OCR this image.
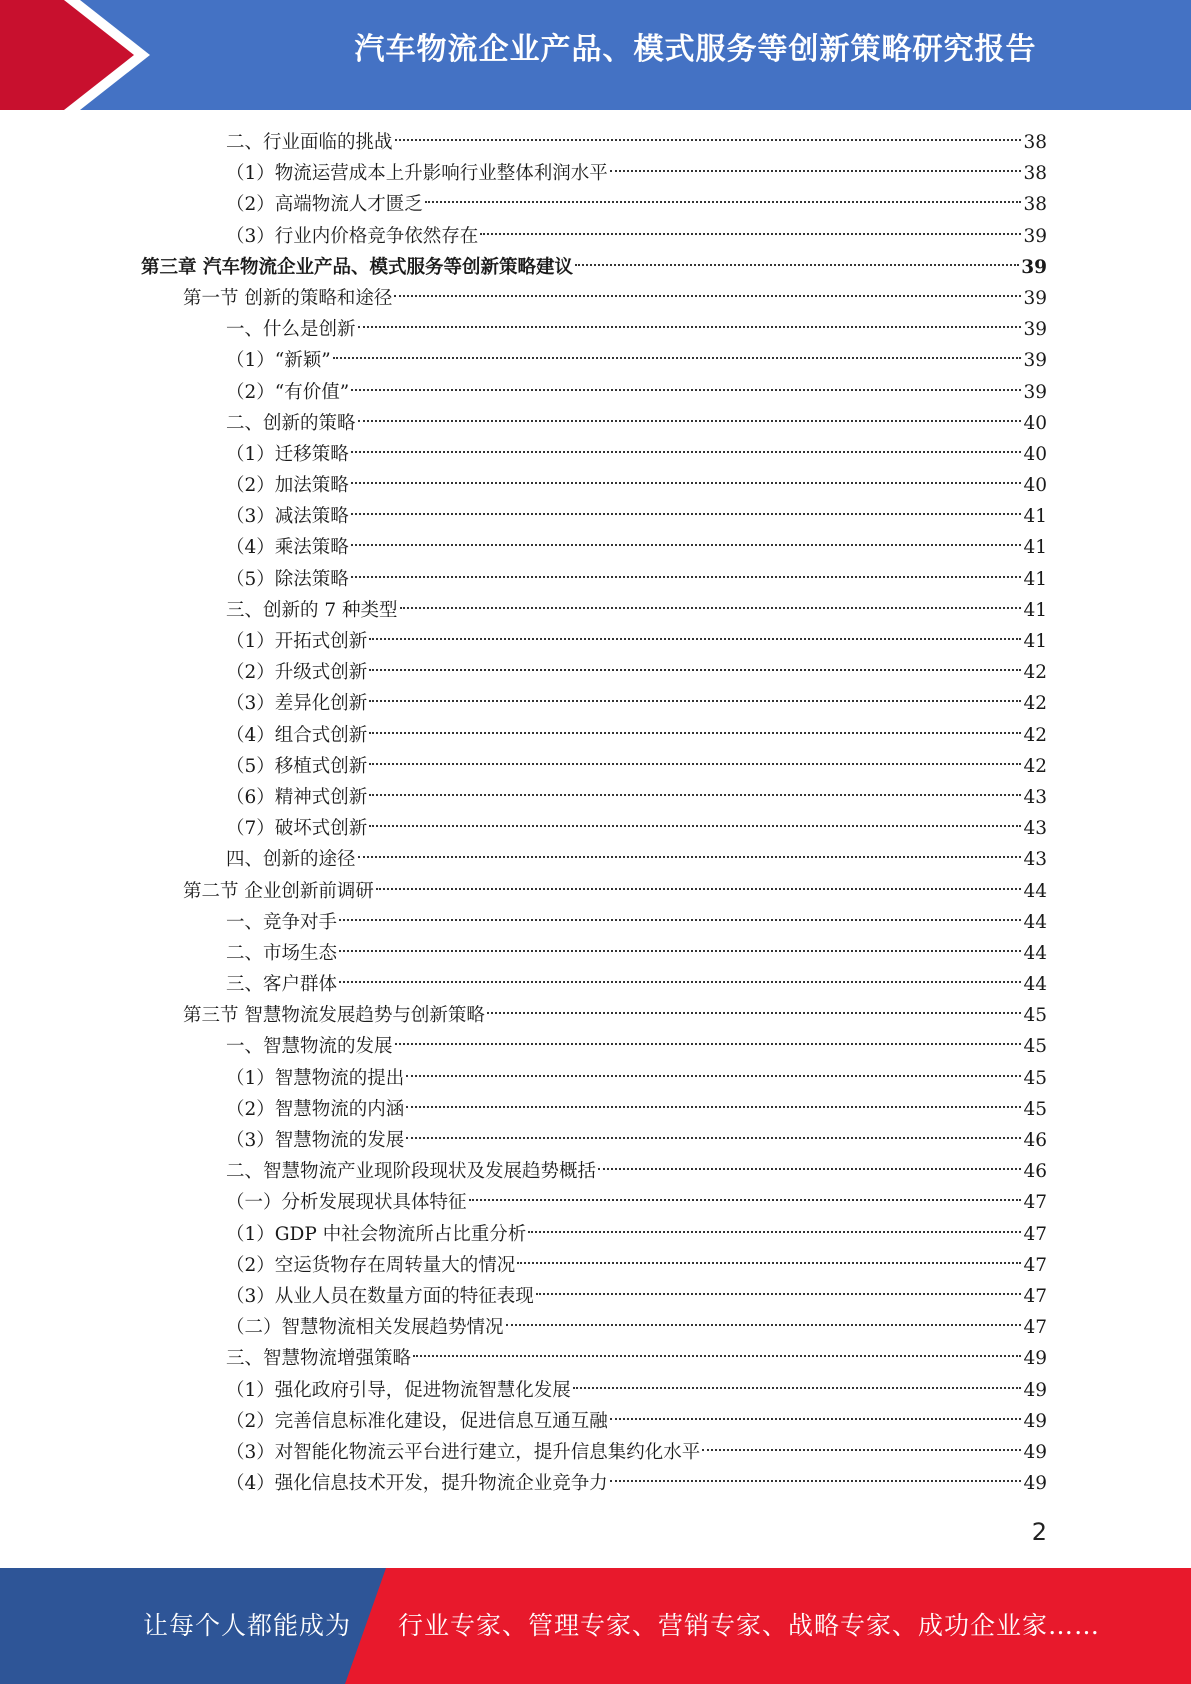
汽车物流企业产品、模式服务等创新策略研究报告
二、行业面临的挑战	38
（1）物流运营成本上升影响行业整体利润水平	38
（2）高端物流人才匮乏	38
（3）行业内价格竞争依然存在	39
第三章 汽车物流企业产品、模式服务等创新策略建议	39
第一节 创新的策略和途径	39
一、什么是创新	39
（1）“新颖”	39
（2）“有价值”	39
二、创新的策略	40
（1）迁移策略	40
（2）加法策略	40
（3）减法策略	41
（4）乘法策略	41
（5）除法策略	41
三、创新的 7 种类型	41
（1）开拓式创新	41
（2）升级式创新	42
（3）差异化创新	42
（4）组合式创新	42
（5）移植式创新	42
（6）精神式创新	43
（7）破坏式创新	43
四、创新的途径	43
第二节 企业创新前调研	44
一、竞争对手	44
二、市场生态	44
三、客户群体	44
第三节 智慧物流发展趋势与创新策略	45
一、智慧物流的发展	45
（1）智慧物流的提出	45
（2）智慧物流的内涵	45
（3）智慧物流的发展	46
二、智慧物流产业现阶段现状及发展趋势概括	46
（一）分析发展现状具体特征	47
（1）GDP 中社会物流所占比重分析	47
（2）空运货物存在周转量大的情况	47
（3）从业人员在数量方面的特征表现	47
（二）智慧物流相关发展趋势情况	47
三、智慧物流增强策略	49
（1）强化政府引导，促进物流智慧化发展	49
（2）完善信息标准化建设，促进信息互通互融	49
（3）对智能化物流云平台进行建立，提升信息集约化水平	49
（4）强化信息技术开发，提升物流企业竞争力	49
2
让每个人都能成为 行业专家、管理专家、营销专家、战略专家、成功企业家……
